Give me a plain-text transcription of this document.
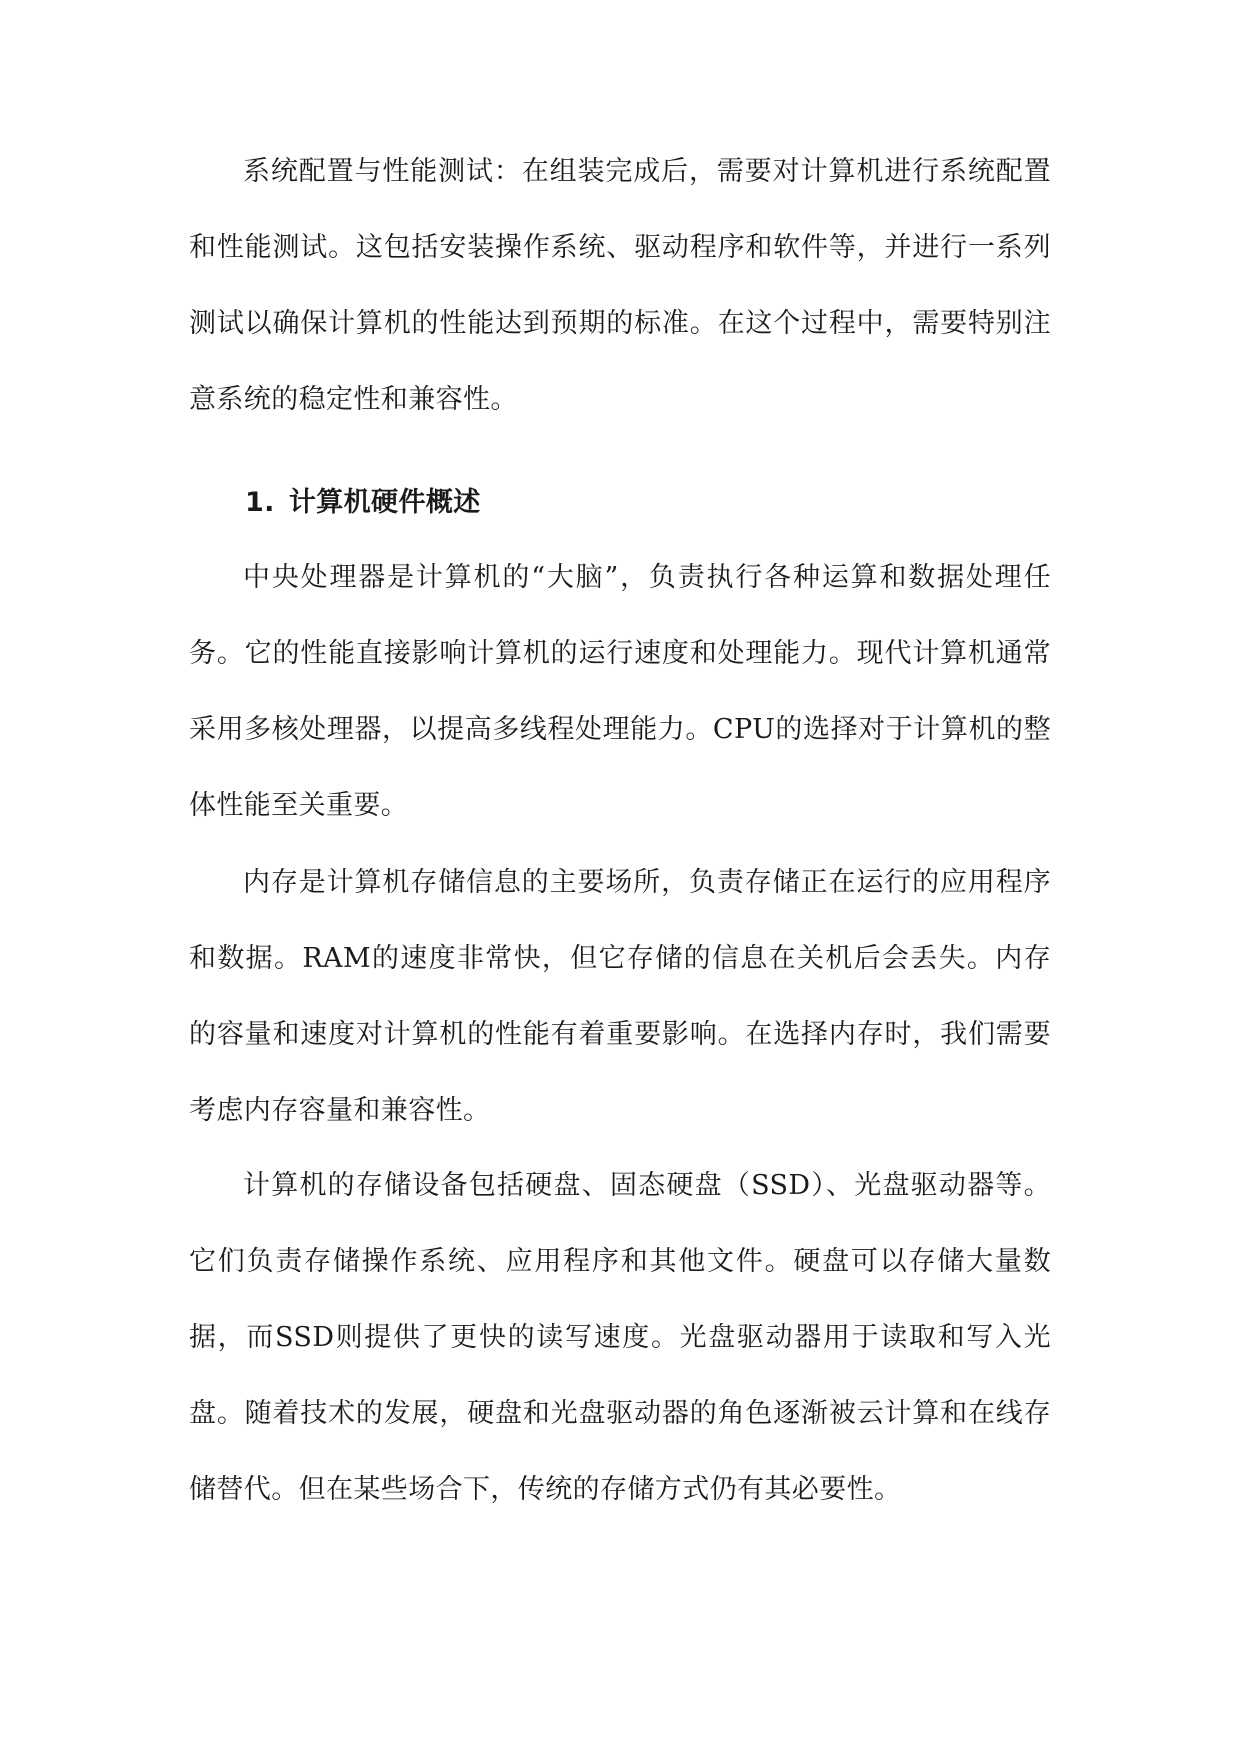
系统配置与性能测试：在组装完成后，需要对计算机进行系统配置和性能测试。这包括安装操作系统、驱动程序和软件等，并进行一系列测试以确保计算机的性能达到预期的标准。在这个过程中，需要特别注意系统的稳定性和兼容性。

1. 计算机硬件概述

中央处理器是计算机的“大脑”，负责执行各种运算和数据处理任务。它的性能直接影响计算机的运行速度和处理能力。现代计算机通常采用多核处理器，以提高多线程处理能力。CPU的选择对于计算机的整体性能至关重要。

内存是计算机存储信息的主要场所，负责存储正在运行的应用程序和数据。RAM的速度非常快，但它存储的信息在关机后会丢失。内存的容量和速度对计算机的性能有着重要影响。在选择内存时，我们需要考虑内存容量和兼容性。

计算机的存储设备包括硬盘、固态硬盘（SSD）、光盘驱动器等。它们负责存储操作系统、应用程序和其他文件。硬盘可以存储大量数据，而SSD则提供了更快的读写速度。光盘驱动器用于读取和写入光盘。随着技术的发展，硬盘和光盘驱动器的角色逐渐被云计算和在线存储替代。但在某些场合下，传统的存储方式仍有其必要性。
